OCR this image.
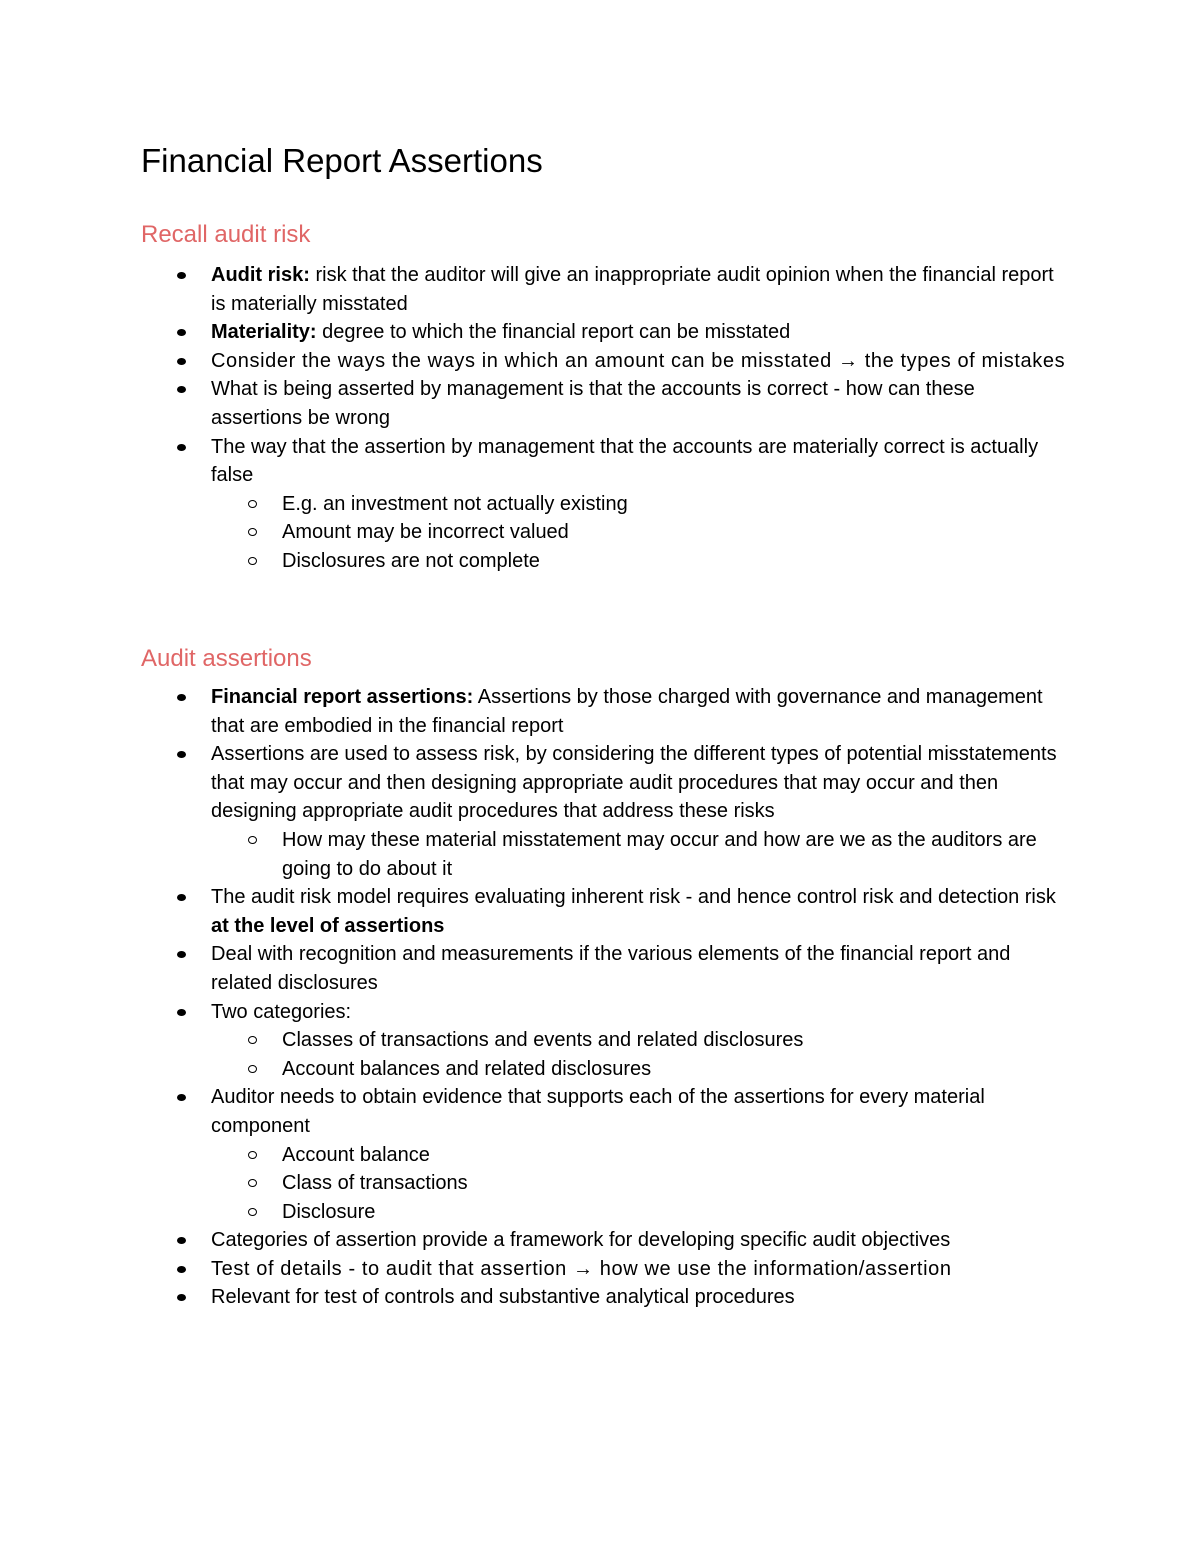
Financial Report Assertions
Recall audit risk
Audit risk: risk that the auditor will give an inappropriate audit opinion when the financial report is materially misstated
Materiality: degree to which the financial report can be misstated
Consider the ways the ways in which an amount can be misstated → the types of mistakes
What is being asserted by management is that the accounts is correct - how can these assertions be wrong
The way that the assertion by management that the accounts are materially correct is actually false
E.g. an investment not actually existing
Amount may be incorrect valued
Disclosures are not complete
Audit assertions
Financial report assertions: Assertions by those charged with governance and management that are embodied in the financial report
Assertions are used to assess risk, by considering the different types of potential misstatements that may occur and then designing appropriate audit procedures that may occur and then designing appropriate audit procedures that address these risks
How may these material misstatement may occur and how are we as the auditors are going to do about it
The audit risk model requires evaluating inherent risk - and hence control risk and detection risk at the level of assertions
Deal with recognition and measurements if the various elements of the financial report and related disclosures
Two categories:
Classes of transactions and events and related disclosures
Account balances and related disclosures
Auditor needs to obtain evidence that supports each of the assertions for every material component
Account balance
Class of transactions
Disclosure
Categories of assertion provide a framework for developing specific audit objectives
Test of details - to audit that assertion → how we use the information/assertion
Relevant for test of controls and substantive analytical procedures
